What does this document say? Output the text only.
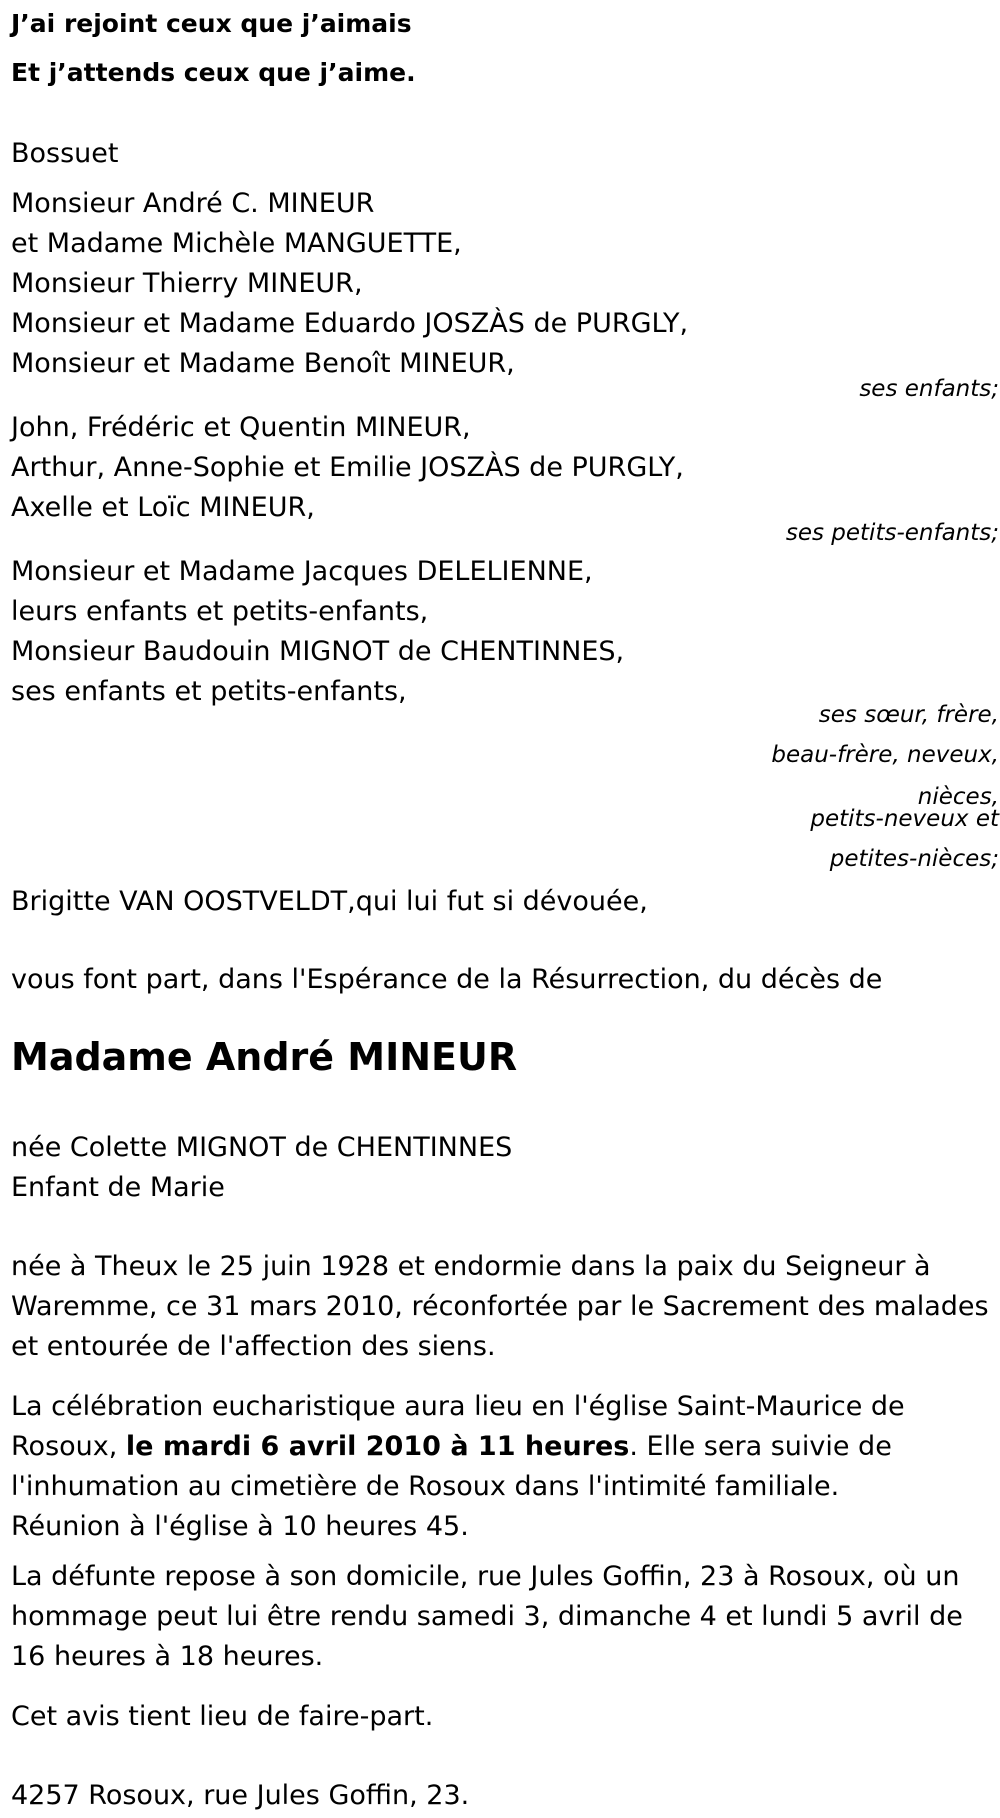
J’ai rejoint ceux que j’aimais
Et j’attends ceux que j’aime.
Bossuet
Monsieur André C. MINEUR
et Madame Michèle MANGUETTE,
Monsieur Thierry MINEUR,
Monsieur et Madame Eduardo JOSZÀS de PURGLY,
Monsieur et Madame Benoît MINEUR,
ses enfants;
John, Frédéric et Quentin MINEUR,
Arthur, Anne-Sophie et Emilie JOSZÀS de PURGLY,
Axelle et Loïc MINEUR,
ses petits-enfants;
Monsieur et Madame Jacques DELELIENNE,
leurs enfants et petits-enfants,
Monsieur Baudouin MIGNOT de CHENTINNES,
ses enfants et petits-enfants,
ses sœur, frère,
beau-frère, neveux,
nièces,
petits-neveux et
petites-nièces;
Brigitte VAN OOSTVELDT,qui lui fut si dévouée,
vous font part, dans l'Espérance de la Résurrection, du décès de
Madame André MINEUR
née Colette MIGNOT de CHENTINNES
Enfant de Marie
née à Theux le 25 juin 1928 et endormie dans la paix du Seigneur à Waremme, ce 31 mars 2010, réconfortée par le Sacrement des malades et entourée de l'affection des siens.
La célébration eucharistique aura lieu en l'église Saint-Maurice de Rosoux, le mardi 6 avril 2010 à 11 heures. Elle sera suivie de l'inhumation au cimetière de Rosoux dans l'intimité familiale.
Réunion à l'église à 10 heures 45.
La défunte repose à son domicile, rue Jules Goffin, 23 à Rosoux, où un hommage peut lui être rendu samedi 3, dimanche 4 et lundi 5 avril de 16 heures à 18 heures.
Cet avis tient lieu de faire-part.
4257 Rosoux, rue Jules Goffin, 23.
